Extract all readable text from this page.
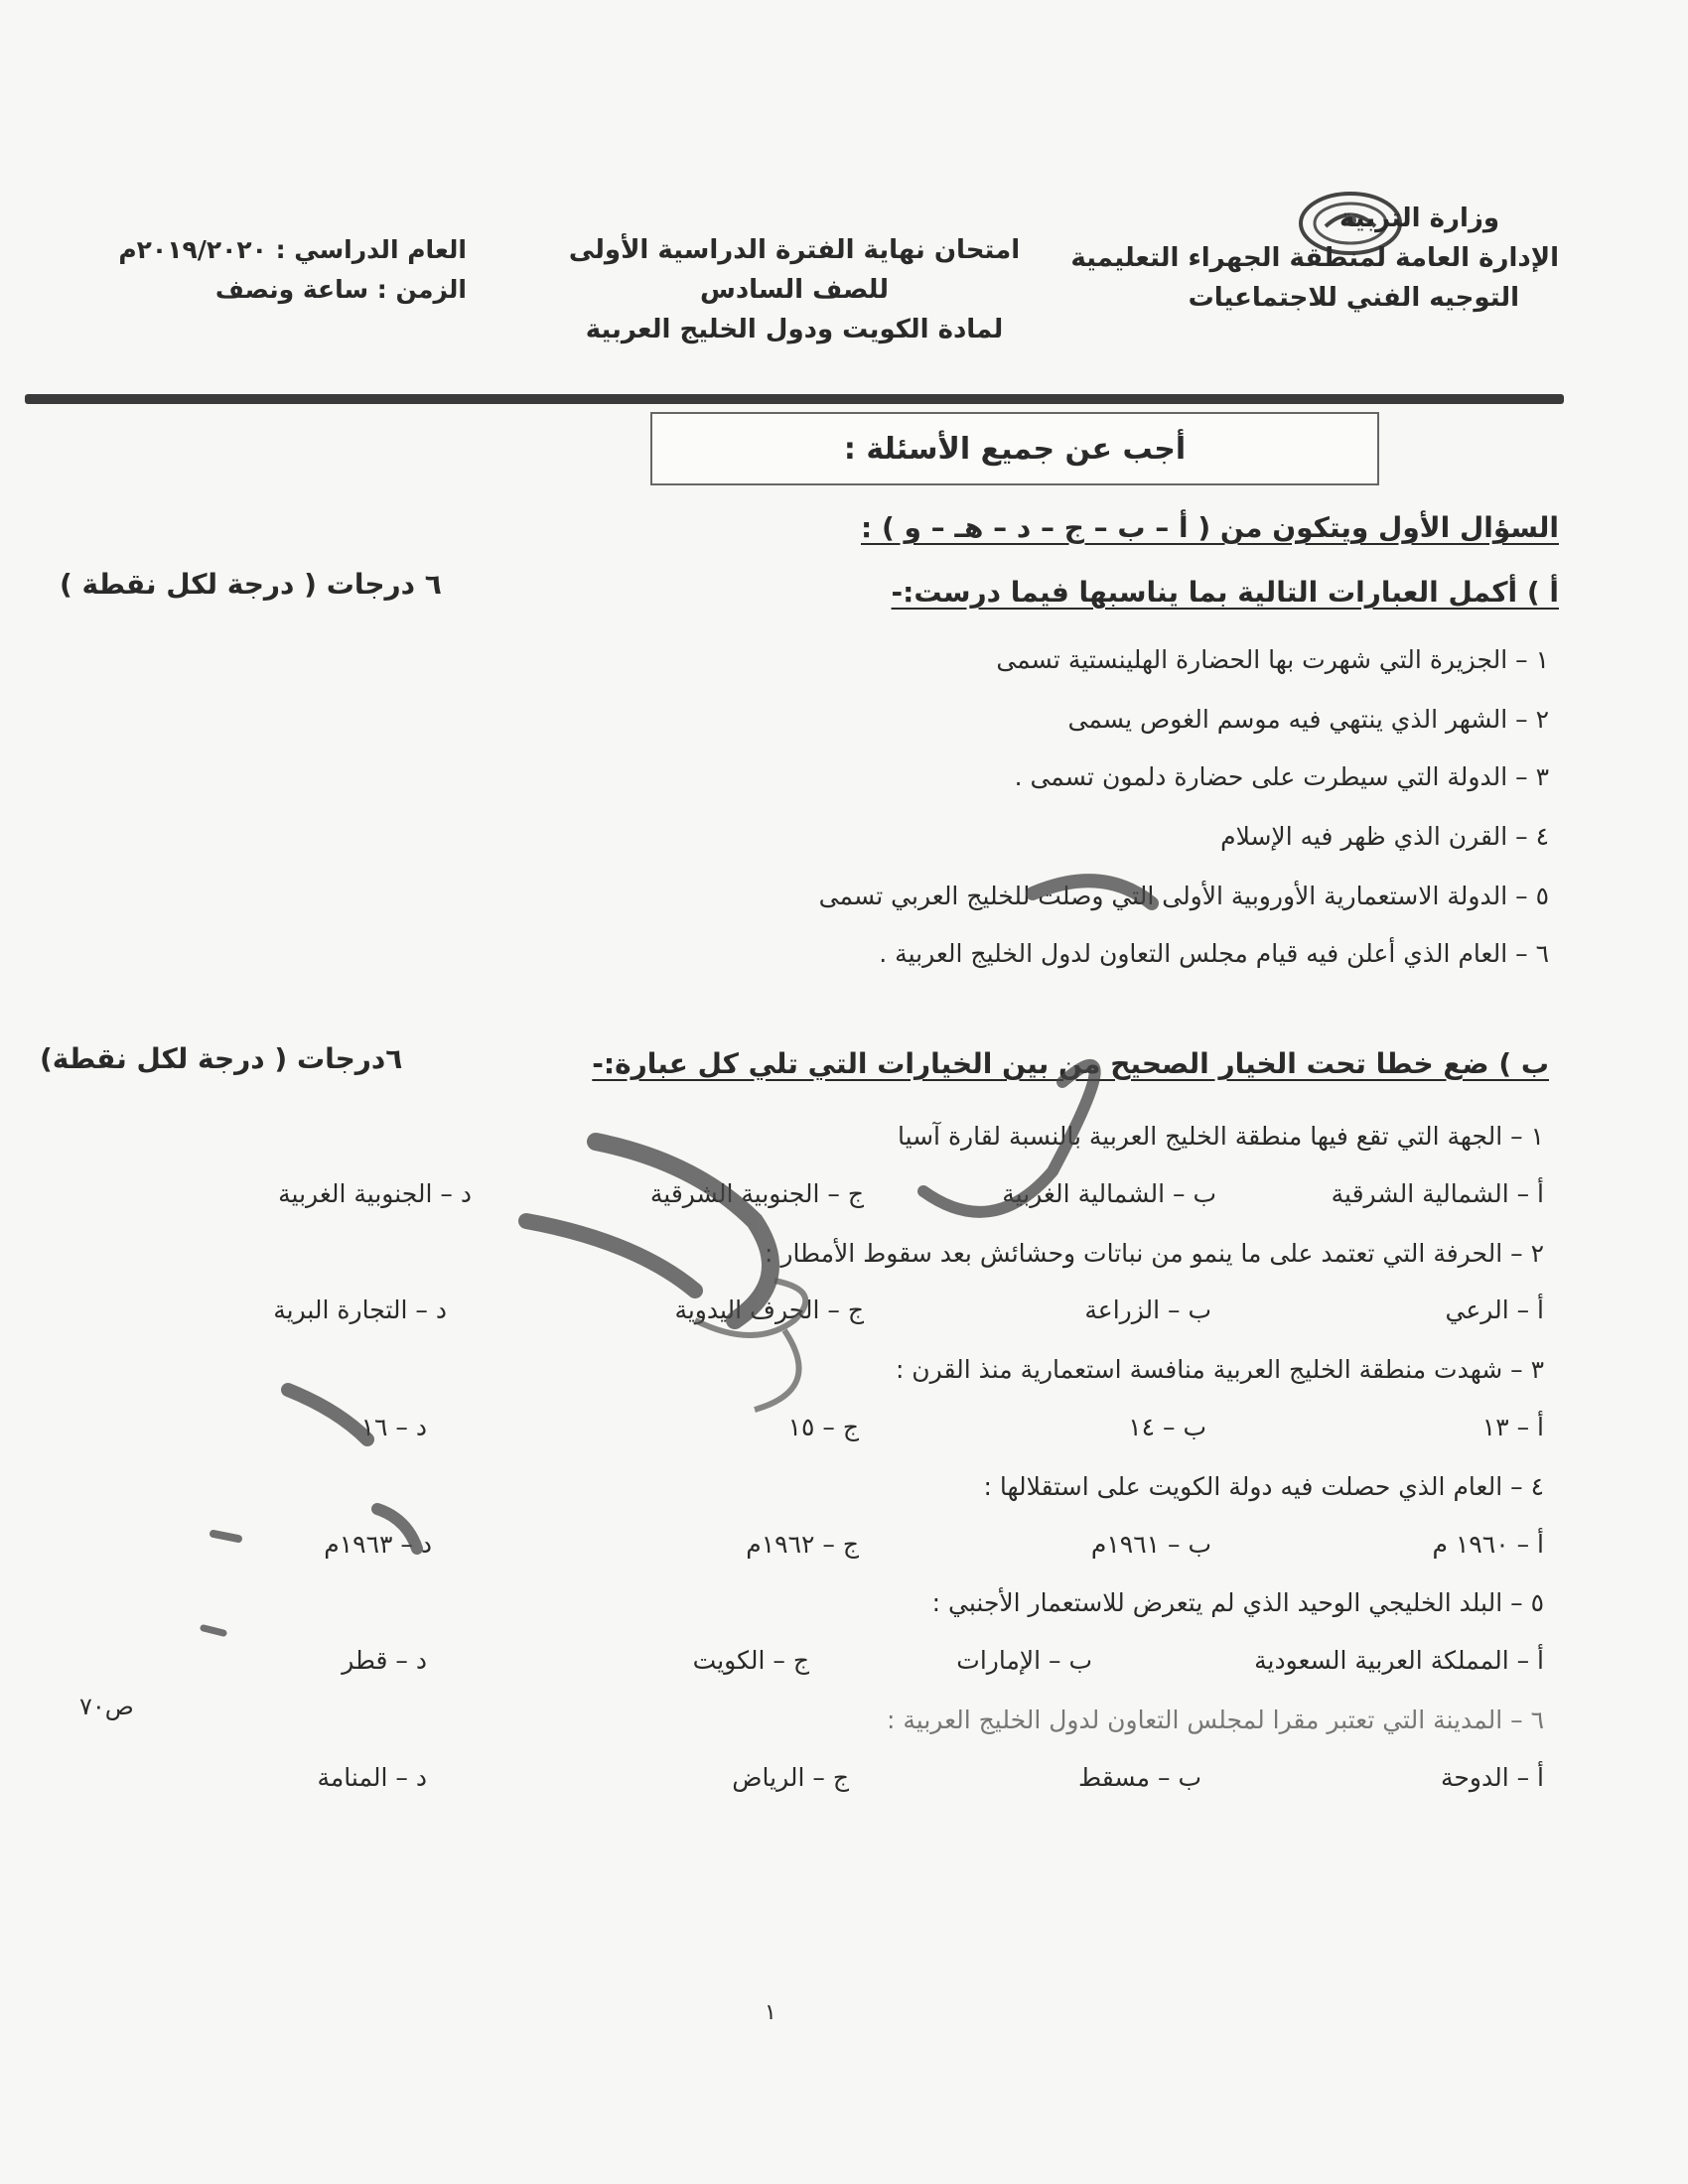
وزارة التربية
الإدارة العامة لمنطقة الجهراء التعليمية
التوجيه الفني للاجتماعيات
امتحان نهاية الفترة الدراسية الأولى
للصف السادس
لمادة الكويت ودول الخليج العربية
العام الدراسي : ٢٠١٩/٢٠٢٠م
الزمن : ساعة ونصف
أجب عن جميع الأسئلة :
السؤال الأول ويتكون من ( أ – ب – ج – د – هـ – و ) :
أ ) أكمل العبارات التالية بما يناسبها فيما درست:-
٦ درجات ( درجة لكل نقطة )
١ – الجزيرة التي شهرت بها الحضارة الهلينستية تسمى
٢ – الشهر الذي ينتهي فيه موسم الغوص يسمى
٣ – الدولة التي سيطرت على حضارة دلمون تسمى .
٤ – القرن الذي ظهر فيه الإسلام
٥ – الدولة الاستعمارية الأوروبية الأولى التي وصلت للخليج العربي تسمى
٦ – العام الذي أعلن فيه قيام مجلس التعاون لدول الخليج العربية .
ب ) ضع خطا تحت الخيار الصحيح من بين الخيارات التي تلي كل عبارة:-
٦درجات ( درجة لكل نقطة)
١ – الجهة التي تقع فيها منطقة الخليج العربية بالنسبة لقارة آسيا
أ – الشمالية الشرقية
ب – الشمالية الغربية
ج – الجنوبية الشرقية
د – الجنوبية الغربية
٢ – الحرفة التي تعتمد على ما ينمو من نباتات وحشائش بعد سقوط الأمطار :
أ – الرعي
ب – الزراعة
ج – الحرف اليدوية
د – التجارة البرية
٣ – شهدت منطقة الخليج العربية منافسة استعمارية منذ القرن :
أ – ١٣
ب – ١٤
ج – ١٥
د – ١٦
٤ – العام الذي حصلت فيه دولة الكويت على استقلالها :
أ – ١٩٦٠ م
ب – ١٩٦١م
ج – ١٩٦٢م
د – ١٩٦٣م
٥ – البلد الخليجي الوحيد الذي لم يتعرض للاستعمار الأجنبي :
أ – المملكة العربية السعودية
ب – الإمارات
ج – الكويت
د – قطر
ص٧٠	٦ – المدينة التي تعتبر مقرا لمجلس التعاون لدول الخليج العربية :
أ – الدوحة
ب – مسقط
ج – الرياض
د – المنامة
١
